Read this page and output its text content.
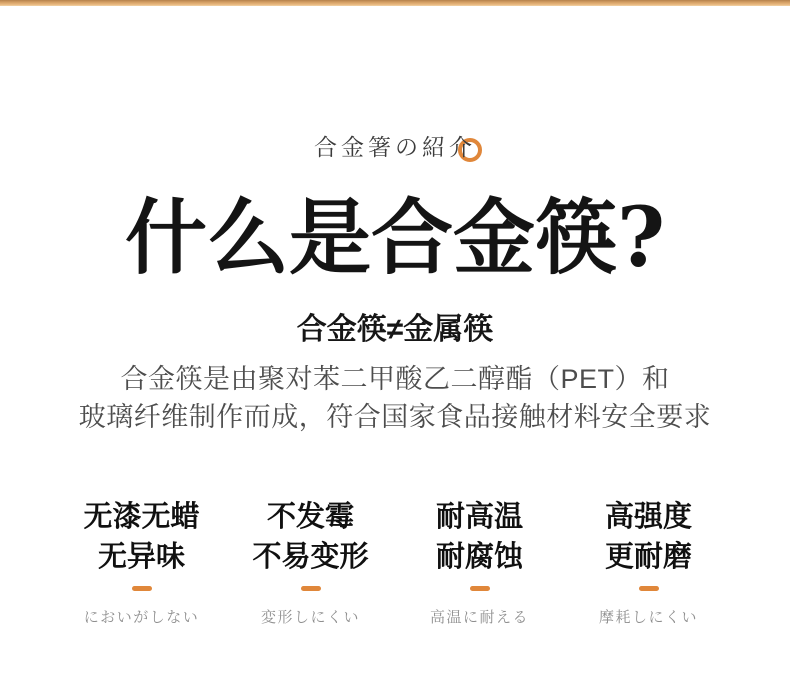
合金箸の紹介
什么是合金筷?
合金筷≠金属筷

合金筷是由聚对苯二甲酸乙二醇酯（PET）和
玻璃纤维制作而成，符合国家食品接触材料安全要求

无漆无蜡
无异味
においがしない
不发霉
不易变形
変形しにくい
耐高温
耐腐蚀
高温に耐える
高强度
更耐磨
摩耗しにくい
